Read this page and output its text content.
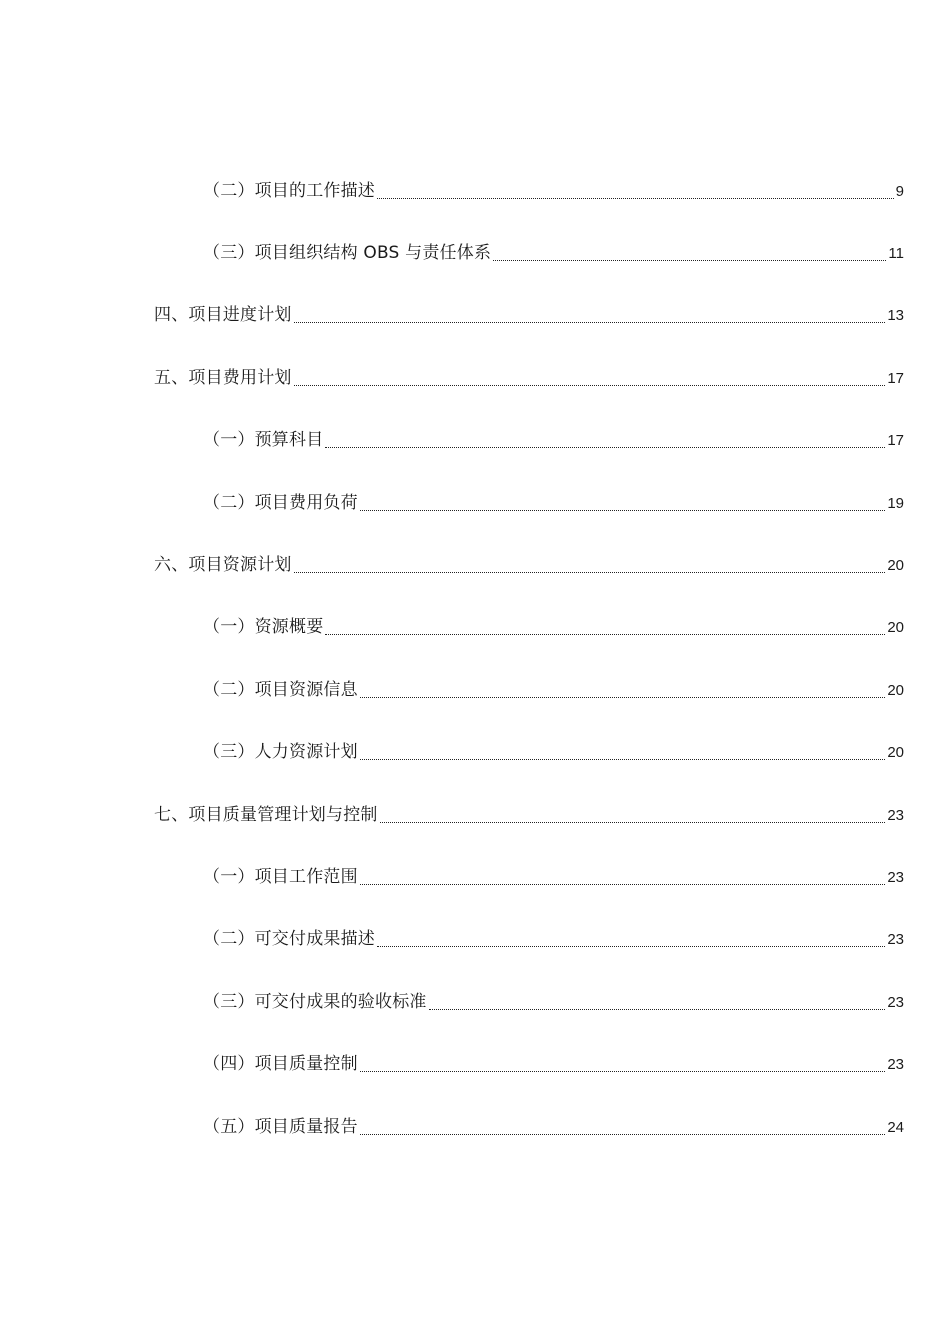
（二）项目的工作描述	9
（三）项目组织结构 OBS 与责任体系	11
四、项目进度计划	13
五、项目费用计划	17
（一）预算科目	17
（二）项目费用负荷	19
六、项目资源计划	20
（一）资源概要	20
（二）项目资源信息	20
（三）人力资源计划	20
七、项目质量管理计划与控制	23
（一）项目工作范围	23
（二）可交付成果描述	23
（三）可交付成果的验收标准	23
（四）项目质量控制	23
（五）项目质量报告	24
